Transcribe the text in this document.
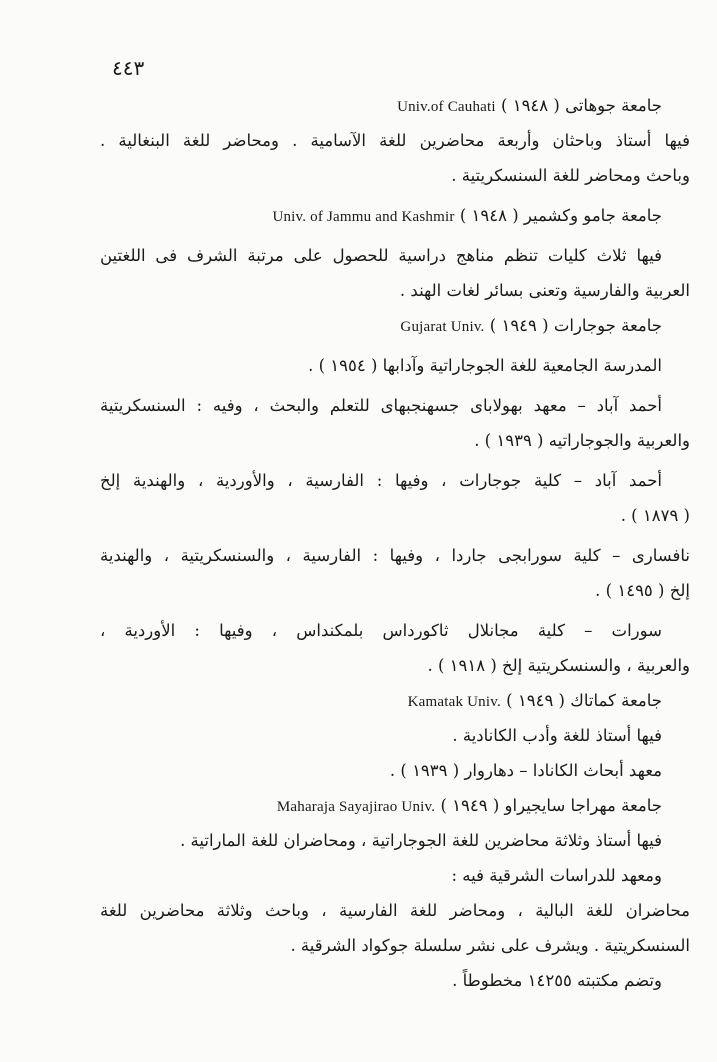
٤٤٣
جامعة جوهاتى ( ١٩٤٨ ) Univ.of Cauhati
فيها أستاذ وباحثان وأربعة محاضرين للغة الآسامية . ومحاضر للغة البنغالية .
وباحث ومحاضر للغة السنسكريتية .
جامعة جامو وكشمير ( ١٩٤٨ ) Univ. of Jammu and Kashmir
فيها ثلاث كليات تنظم مناهج دراسية للحصول على مرتبة الشرف فى اللغتين
العربية والفارسية وتعنى بسائر لغات الهند .
جامعة جوجارات ( ١٩٤٩ ) Gujarat Univ.
المدرسة الجامعية للغة الجوجاراتية وآدابها ( ١٩٥٤ ) .
أحمد آباد – معهد بهولاباى جسهنجبهاى للتعلم والبحث ، وفيه : السنسكريتية
والعربية والجوجاراتيه ( ١٩٣٩ ) .
أحمد آباد – كلية جوجارات ، وفيها : الفارسية ، والأوردية ، والهندية إلخ
( ١٨٧٩ ) .
نافسارى – كلية سورابجى جاردا ، وفيها : الفارسية ، والسنسكريتية ، والهندية
إلخ ( ١٤٩٥ ) .
سورات – كلية مجانلال ثاكورداس بلمكنداس ، وفيها : الأوردية ،
والعربية ، والسنسكريتية إلخ ( ١٩١٨ ) .
جامعة كماتاك ( ١٩٤٩ ) Kamatak Univ.
فيها أستاذ للغة وأدب الكانادية .
معهد أبحاث الكانادا – دهاروار ( ١٩٣٩ ) .
جامعة مهراجا سايجيراو ( ١٩٤٩ ) Maharaja Sayajirao Univ.
فيها أستاذ وثلاثة محاضرين للغة الجوجاراتية ، ومحاضران للغة الماراتية .
ومعهد للدراسات الشرقية فيه :
محاضران للغة البالية ، ومحاضر للغة الفارسية ، وباحث وثلاثة محاضرين للغة
السنسكريتية . ويشرف على نشر سلسلة جوكواد الشرقية .
وتضم مكتبته ١٤٢٥٥ مخطوطاً .
